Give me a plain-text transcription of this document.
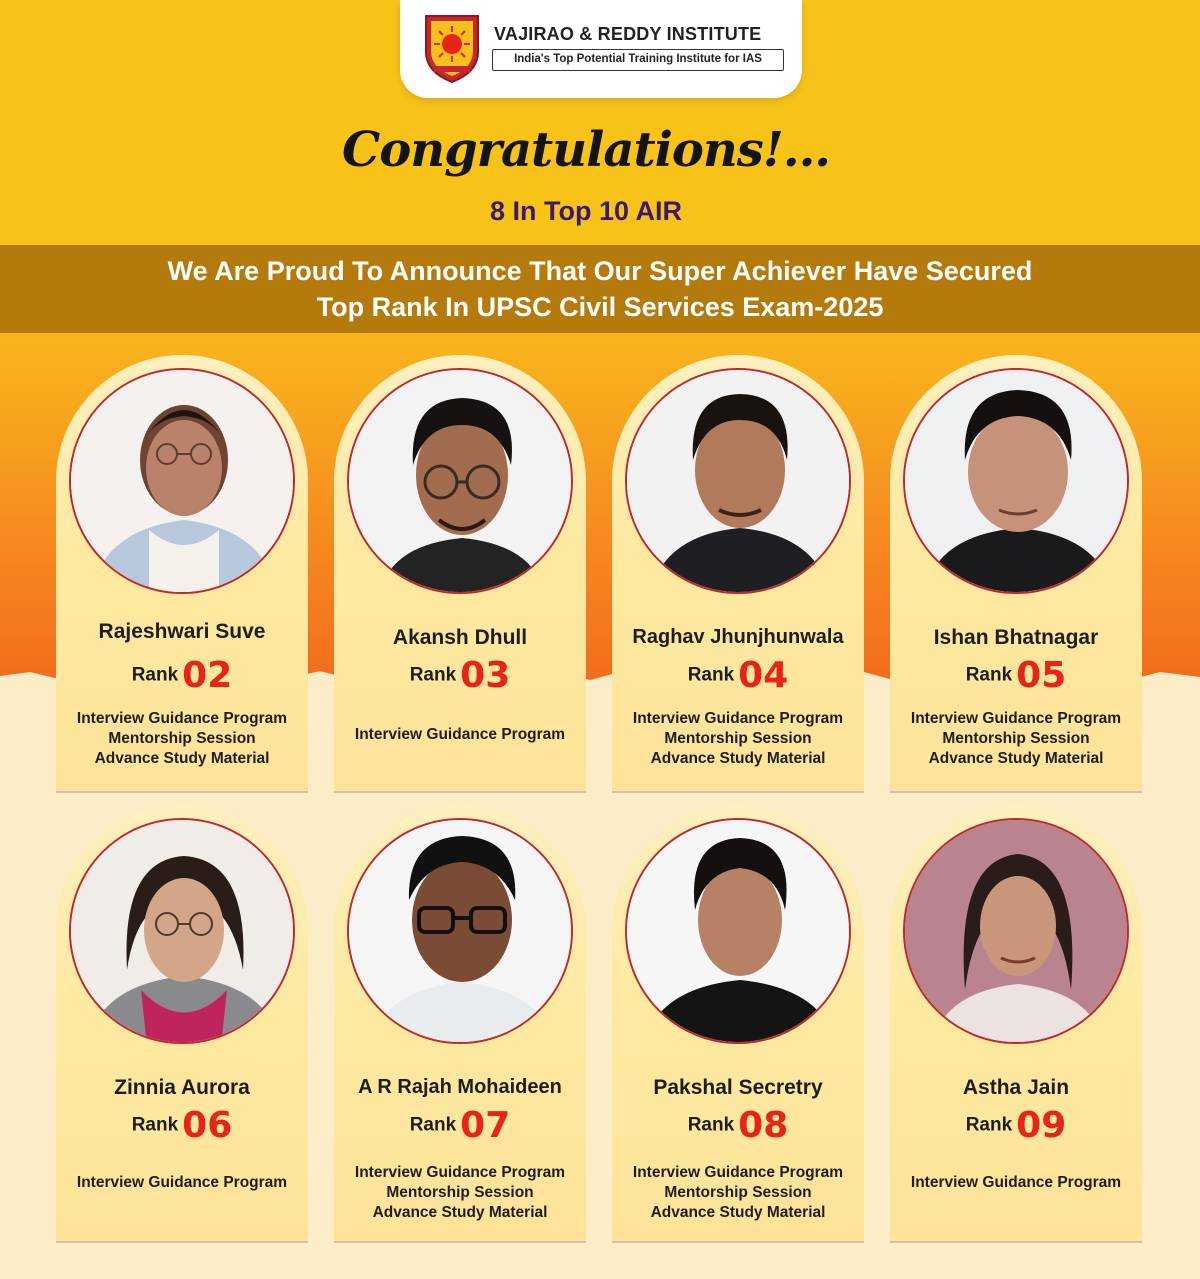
VAJIRAO & REDDY INSTITUTE
India's Top Potential Training Institute for IAS
Congratulations!...
8 In Top 10 AIR
We Are Proud To Announce That Our Super Achiever Have Secured
Top Rank In UPSC Civil Services Exam-2025
Rajeshwari Suve
Rank 02
Interview Guidance Program
Mentorship Session
Advance Study Material
Akansh Dhull
Rank 03
Interview Guidance Program
Raghav Jhunjhunwala
Rank 04
Interview Guidance Program
Mentorship Session
Advance Study Material
Ishan Bhatnagar
Rank 05
Interview Guidance Program
Mentorship Session
Advance Study Material
Zinnia Aurora
Rank 06
Interview Guidance Program
A R Rajah Mohaideen
Rank 07
Interview Guidance Program
Mentorship Session
Advance Study Material
Pakshal Secretry
Rank 08
Interview Guidance Program
Mentorship Session
Advance Study Material
Astha Jain
Rank 09
Interview Guidance Program
